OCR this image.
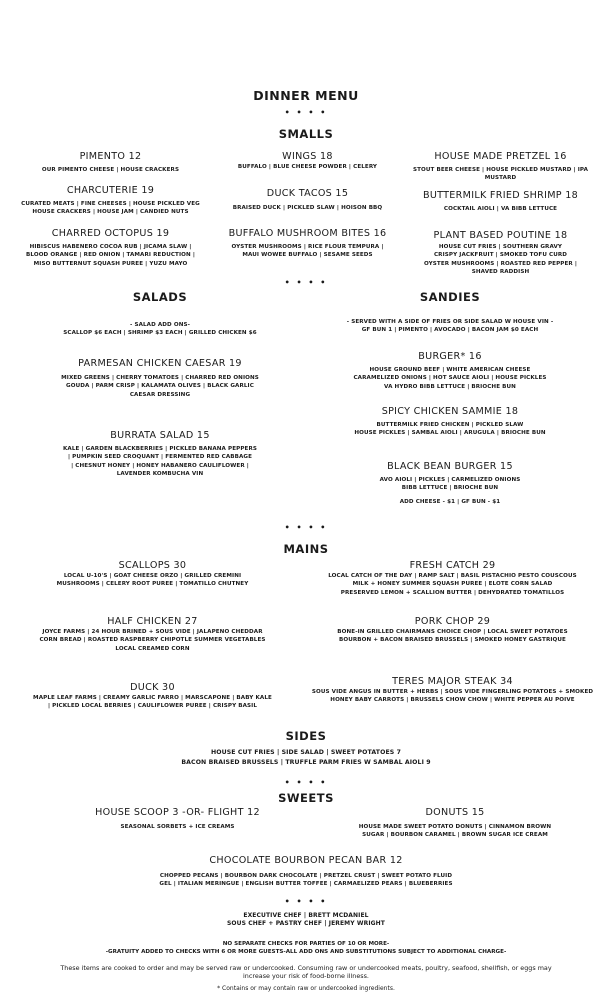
DINNER MENU
• • • •
SMALLS
PIMENTO 12
OUR PIMENTO CHEESE | HOUSE CRACKERS
WINGS 18
BUFFALO | BLUE CHEESE POWDER | CELERY
HOUSE MADE PRETZEL 16
STOUT BEER CHEESE | HOUSE PICKLED MUSTARD | IPA
MUSTARD
CHARCUTERIE 19
CURATED MEATS | FINE CHEESES | HOUSE PICKLED VEG
HOUSE CRACKERS | HOUSE JAM | CANDIED NUTS
DUCK TACOS 15
BRAISED DUCK | PICKLED SLAW | HOISON BBQ
BUTTERMILK FRIED SHRIMP 18
COCKTAIL AIOLI | VA BIBB LETTUCE
CHARRED OCTOPUS 19
HIBISCUS HABENERO COCOA RUB | JICAMA SLAW |
BLOOD ORANGE | RED ONION | TAMARI REDUCTION |
MISO BUTTERNUT SQUASH PUREE | YUZU MAYO
BUFFALO MUSHROOM BITES 16
OYSTER MUSHROOMS | RICE FLOUR TEMPURA |
MAUI WOWEE BUFFALO | SESAME SEEDS
PLANT BASED POUTINE 18
HOUSE CUT FRIES | SOUTHERN GRAVY
CRISPY JACKFRUIT | SMOKED TOFU CURD
OYSTER MUSHROOMS | ROASTED RED PEPPER |
SHAVED RADDISH
• • • •
SALADS
- SALAD ADD ONS-
SCALLOP $6 EACH | SHRIMP $3 EACH | GRILLED CHICKEN $6
PARMESAN CHICKEN CAESAR 19
MIXED GREENS | CHERRY TOMATOES | CHARRED RED ONIONS
GOUDA | PARM CRISP | KALAMATA OLIVES | BLACK GARLIC
CAESAR DRESSING
BURRATA SALAD 15
KALE | GARDEN BLACKBERRIES | PICKLED BANANA PEPPERS
| PUMPKIN SEED CROQUANT | FERMENTED RED CABBAGE
| CHESNUT HONEY | HONEY HABANERO CAULIFLOWER |
LAVENDER KOMBUCHA VIN
SANDIES
- SERVED WITH A SIDE OF FRIES OR SIDE SALAD W HOUSE VIN -
GF BUN 1 | PIMENTO | AVOCADO | BACON JAM $0 EACH
BURGER* 16
HOUSE GROUND BEEF | WHITE AMERICAN CHEESE
CARAMELIZED ONIONS | HOT SAUCE AIOLI | HOUSE PICKLES
VA HYDRO BIBB LETTUCE | BRIOCHE BUN
SPICY CHICKEN SAMMIE 18
BUTTERMILK FRIED CHICKEN | PICKLED SLAW
HOUSE PICKLES | SAMBAL AIOLI | ARUGULA | BRIOCHE BUN
BLACK BEAN BURGER 15
AVO AIOLI | PICKLES | CARMELIZED ONIONS
BIBB LETTUCE | BRIOCHE BUN
ADD CHEESE - $1 | GF BUN - $1
• • • •
MAINS
SCALLOPS 30
LOCAL U-10'S | GOAT CHEESE ORZO | GRILLED CREMINI
MUSHROOMS | CELERY ROOT PUREE | TOMATILLO CHUTNEY
FRESH CATCH 29
LOCAL CATCH OF THE DAY | RAMP SALT | BASIL PISTACHIO PESTO COUSCOUS
MILK + HONEY SUMMER SQUASH PUREE | ELOTE CORN SALAD
PRESERVED LEMON + SCALLION BUTTER | DEHYDRATED TOMATILLOS
HALF CHICKEN 27
JOYCE FARMS | 24 HOUR BRINED + SOUS VIDE | JALAPENO CHEDDAR
CORN BREAD | ROASTED RASPBERRY CHIPOTLE SUMMER VEGETABLES
LOCAL CREAMED CORN
PORK CHOP 29
BONE-IN GRILLED CHAIRMANS CHOICE CHOP | LOCAL SWEET POTATOES
BOURBON + BACON BRAISED BRUSSELS | SMOKED HONEY GASTRIQUE
TERES MAJOR STEAK 34
SOUS VIDE ANGUS IN BUTTER + HERBS | SOUS VIDE FINGERLING POTATOES + SMOKED
HONEY BABY CARROTS | BRUSSELS CHOW CHOW | WHITE PEPPER AU POIVE
DUCK 30
MAPLE LEAF FARMS | CREAMY GARLIC FARRO | MARSCAPONE | BABY KALE
| PICKLED LOCAL BERRIES | CAULIFLOWER PUREE | CRISPY BASIL
SIDES
HOUSE CUT FRIES | SIDE SALAD | SWEET POTATOES 7
BACON BRAISED BRUSSELS | TRUFFLE PARM FRIES W SAMBAL AIOLI 9
• • • •
SWEETS
HOUSE SCOOP 3 -OR- FLIGHT 12
SEASONAL SORBETS + ICE CREAMS
DONUTS 15
HOUSE MADE SWEET POTATO DONUTS | CINNAMON BROWN
SUGAR | BOURBON CARAMEL | BROWN SUGAR ICE CREAM
CHOCOLATE BOURBON PECAN BAR 12
CHOPPED PECANS | BOURBON DARK CHOCOLATE | PRETZEL CRUST | SWEET POTATO FLUID
GEL | ITALIAN MERINGUE | ENGLISH BUTTER TOFFEE | CARMAELIZED PEARS | BLUEBERRIES
• • • •
EXECUTIVE CHEF | BRETT MCDANIEL
SOUS CHEF + PASTRY CHEF | JEREMY WRIGHT
NO SEPARATE CHECKS FOR PARTIES OF 10 OR MORE-
-GRATUITY ADDED TO CHECKS WITH 6 OR MORE GUESTS-ALL ADD ONS AND SUBSTITUTIONS SUBJECT TO ADDITIONAL CHARGE-
These items are cooked to order and may be served raw or undercooked. Consuming raw or undercooked meats, poultry, seafood, shellfish, or eggs may
increase your risk of food-borne illness.
* Contains or may contain raw or undercooked ingredients.
